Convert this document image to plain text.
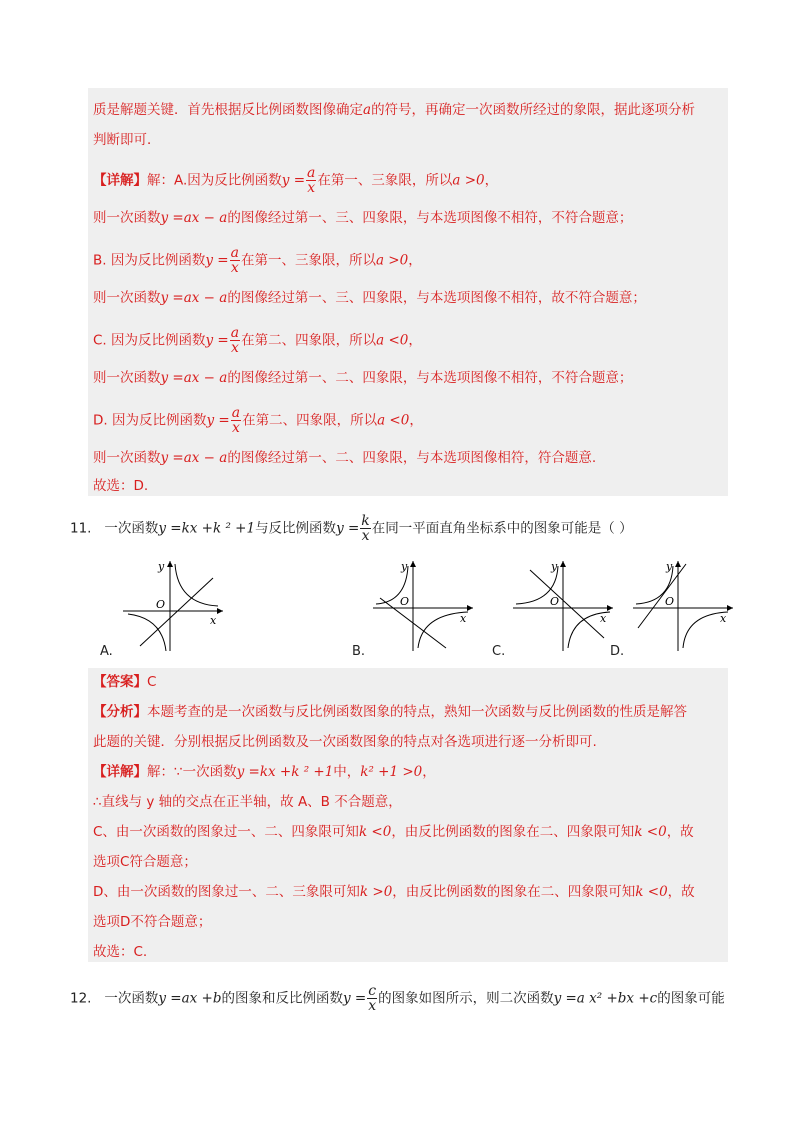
质是解题关键．首先根据反比例函数图像确定a的符号，再确定一次函数所经过的象限，据此逐项分析
判断即可．
【详解】解：A.因为反比例函数$y = \frac{a}{x}$ 在第一、三象限，所以a >0，
则一次函数y =ax − a的图像经过第一、三、四象限，与本选项图像不相符，不符合题意；
B. 因为反比例函数$y = \frac{a}{x}$ 在第一、三象限，所以a >0，
则一次函数y =ax − a的图像经过第一、三、四象限，与本选项图像不相符，故不符合题意；
C. 因为反比例函数$y = \frac{a}{x}$ 在第二、四象限，所以a <0，
则一次函数y =ax − a的图像经过第一、二、四象限，与本选项图像不相符，不符合题意；
D. 因为反比例函数$y = \frac{a}{x}$ 在第二、四象限，所以a <0，
则一次函数y =ax − a的图像经过第一、二、四象限，与本选项图像相符，符合题意.
故选：D.
11. 一次函数y =kx +k ² +1与反比例函数$y = \frac{k}{x}$ 在同一平面直角坐标系中的图象可能是（ ）
y
x
O
A.
y
x
O
B.
y
x
O
C.
y
x
O
D.
【答案】C
【分析】本题考查的是一次函数与反比例函数图象的特点，熟知一次函数与反比例函数的性质是解答
此题的关键．分别根据反比例函数及一次函数图象的特点对各选项进行逐一分析即可.
【详解】解：∵一次函数y =kx +k ² +1中，k² +1 >0，
∴直线与 y 轴的交点在正半轴，故 A、B 不合题意，
C、由一次函数的图象过一、二、四象限可知k <0，由反比例函数的图象在二、四象限可知k <0，故
选项C符合题意；
D、由一次函数的图象过一、二、三象限可知k >0，由反比例函数的图象在二、四象限可知k <0，故
选项D不符合题意；
故选：C.
12. 一次函数y =ax +b的图象和反比例函数$y = \frac{c}{x}$ 的图象如图所示，则二次函数y =a x² +bx +c的图象可能
